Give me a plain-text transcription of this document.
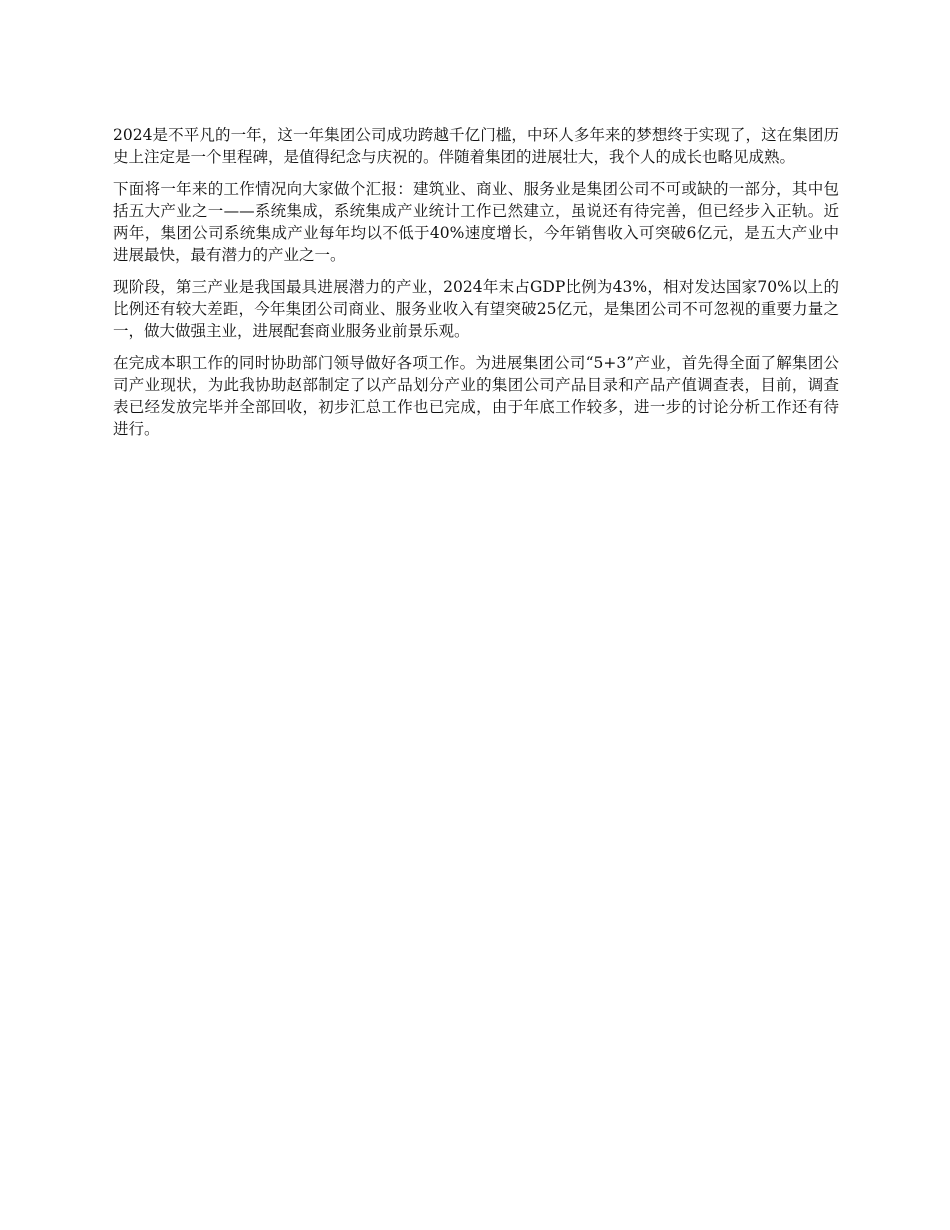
2024是不平凡的一年，这一年集团公司成功跨越千亿门槛，中环人多年来的梦想终于实现了，这在集团历史上注定是一个里程碑，是值得纪念与庆祝的。伴随着集团的进展壮大，我个人的成长也略见成熟。

下面将一年来的工作情况向大家做个汇报：建筑业、商业、服务业是集团公司不可或缺的一部分，其中包括五大产业之一——系统集成，系统集成产业统计工作已然建立，虽说还有待完善，但已经步入正轨。近两年，集团公司系统集成产业每年均以不低于40%速度增长，今年销售收入可突破6亿元，是五大产业中进展最快，最有潜力的产业之一。

现阶段，第三产业是我国最具进展潜力的产业，2024年末占GDP比例为43%，相对发达国家70%以上的比例还有较大差距，今年集团公司商业、服务业收入有望突破25亿元，是集团公司不可忽视的重要力量之一，做大做强主业，进展配套商业服务业前景乐观。

在完成本职工作的同时协助部门领导做好各项工作。为进展集团公司“5+3”产业，首先得全面了解集团公司产业现状，为此我协助赵部制定了以产品划分产业的集团公司产品目录和产品产值调查表，目前，调查表已经发放完毕并全部回收，初步汇总工作也已完成，由于年底工作较多，进一步的讨论分析工作还有待进行。
